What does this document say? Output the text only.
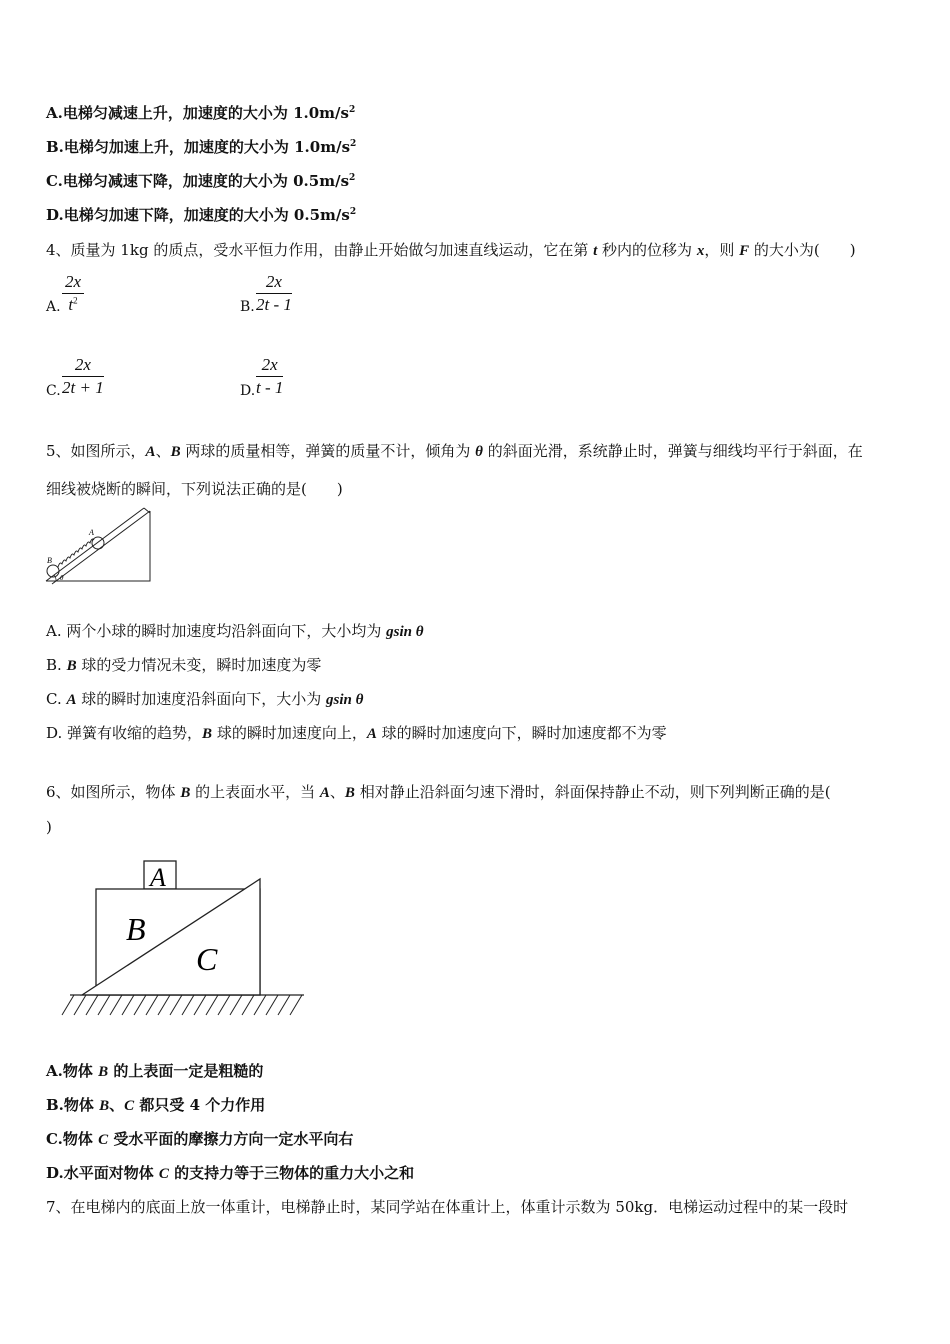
A.电梯匀减速上升，加速度的大小为 $1.0m/s^2$
B.电梯匀加速上升，加速度的大小为 $1.0m/s^2$
C.电梯匀减速下降，加速度的大小为 $0.5m/s^2$
D.电梯匀加速下降，加速度的大小为 $0.5m/s^2$
4、质量为 1kg 的质点，受水平恒力作用，由静止开始做匀加速直线运动，它在第 t 秒内的位移为 x，则 F 的大小为(　　)
A. $\frac{2x}{t^2}$	B. $\frac{2x}{2t - 1}$
C. $\frac{2x}{2t + 1}$	D. $\frac{2x}{t - 1}$
5、如图所示，A、B 两球的质量相等，弹簧的质量不计，倾角为 θ 的斜面光滑，系统静止时，弹簧与细线均平行于斜面，在
细线被烧断的瞬间，下列说法正确的是(　　)
B
A
θ
A. 两个小球的瞬时加速度均沿斜面向下，大小均为 gsin θ
B. B 球的受力情况未变，瞬时加速度为零
C. A 球的瞬时加速度沿斜面向下，大小为 gsin θ
D. 弹簧有收缩的趋势，B 球的瞬时加速度向上，A 球的瞬时加速度向下，瞬时加速度都不为零
6、如图所示，物体 B 的上表面水平，当 A、B 相对静止沿斜面匀速下滑时，斜面保持静止不动，则下列判断正确的是(
)
A
B
C
A.物体 B 的上表面一定是粗糙的
B.物体 B、C 都只受 4 个力作用
C.物体 C 受水平面的摩擦力方向一定水平向右
D.水平面对物体 C 的支持力等于三物体的重力大小之和
7、在电梯内的底面上放一体重计，电梯静止时，某同学站在体重计上，体重计示数为 50kg．电梯运动过程中的某一段时
